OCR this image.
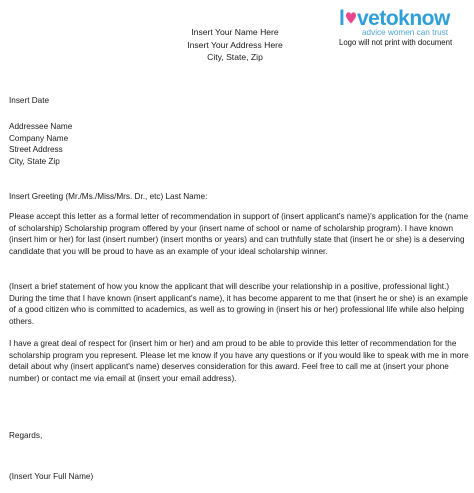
Insert Your Name Here
Insert Your Address Here
City, State, Zip
l vetoknow
advice women can trust
Logo will not print with document

Insert Date

Addressee Name
Company Name
Street Address
City, State Zip

Insert Greeting (Mr./Ms./Miss/Mrs. Dr., etc) Last Name:

Please accept this letter as a formal letter of recommendation in support of (insert applicant's name)'s application for the (name of scholarship) Scholarship program offered by your (insert name of school or name of scholarship program). I have known (insert him or her) for last (insert number) (insert months or years) and can truthfully state that (insert he or she) is a deserving candidate that you will be proud to have as an example of your ideal scholarship winner.

(Insert a brief statement of how you know the applicant that will describe your relationship in a positive, professional light.) During the time that I have known (insert applicant's name), it has become apparent to me that (insert he or she) is an example of a good citizen who is committed to academics, as well as to growing in (insert his or her) professional life while also helping others.

I have a great deal of respect for (insert him or her) and am proud to be able to provide this letter of recommendation for the scholarship program you represent. Please let me know if you have any questions or if you would like to speak with me in more detail about why (insert applicant's name) deserves consideration for this award. Feel free to call me at (insert your phone number) or contact me via email at (insert your email address).

Regards,

(Insert Your Full Name)
